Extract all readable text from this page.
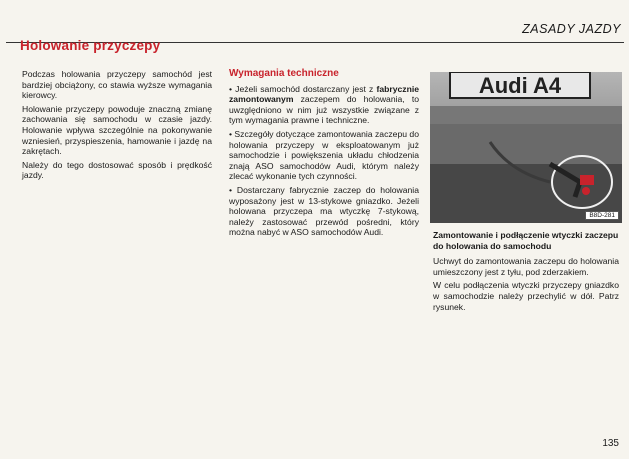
ZASADY JAZDY
Holowanie przyczepy

Podczas holowania przyczepy samochód jest bardziej obciążony, co stawia wyższe wymagania kierowcy.

Holowanie przyczepy powoduje znaczną zmianę zachowania się samochodu w czasie jazdy. Holowanie wpływa szczególnie na pokonywanie wzniesień, przyspieszenia, hamowanie i jazdę na zakrętach.

Należy do tego dostosować sposób i prędkość jazdy.

Wymagania techniczne

• Jeżeli samochód dostarczany jest z fabrycznie zamontowanym zaczepem do holowania, to uwzględniono w nim już wszystkie związane z tym wymagania prawne i techniczne.

• Szczegóły dotyczące zamontowania zaczepu do holowania przyczepy w eksploatowanym już samochodzie i powiększenia układu chłodzenia znają ASO samochodów Audi, którym należy zlecać wykonanie tych czynności.

• Dostarczany fabrycznie zaczep do holowania wyposażony jest w 13-stykowe gniazdko. Jeżeli holowana przyczepa ma wtyczkę 7-stykową, należy zastosować przewód pośredni, który można nabyć w ASO samochodów Audi.

Audi A4
B8D-281

Zamontowanie i podłączenie wtyczki zaczepu do holowania do samochodu

Uchwyt do zamontowania zaczepu do holowania umieszczony jest z tyłu, pod zderzakiem.

W celu podłączenia wtyczki przyczepy gniazdko w samochodzie należy przechylić w dół. Patrz rysunek.

135
